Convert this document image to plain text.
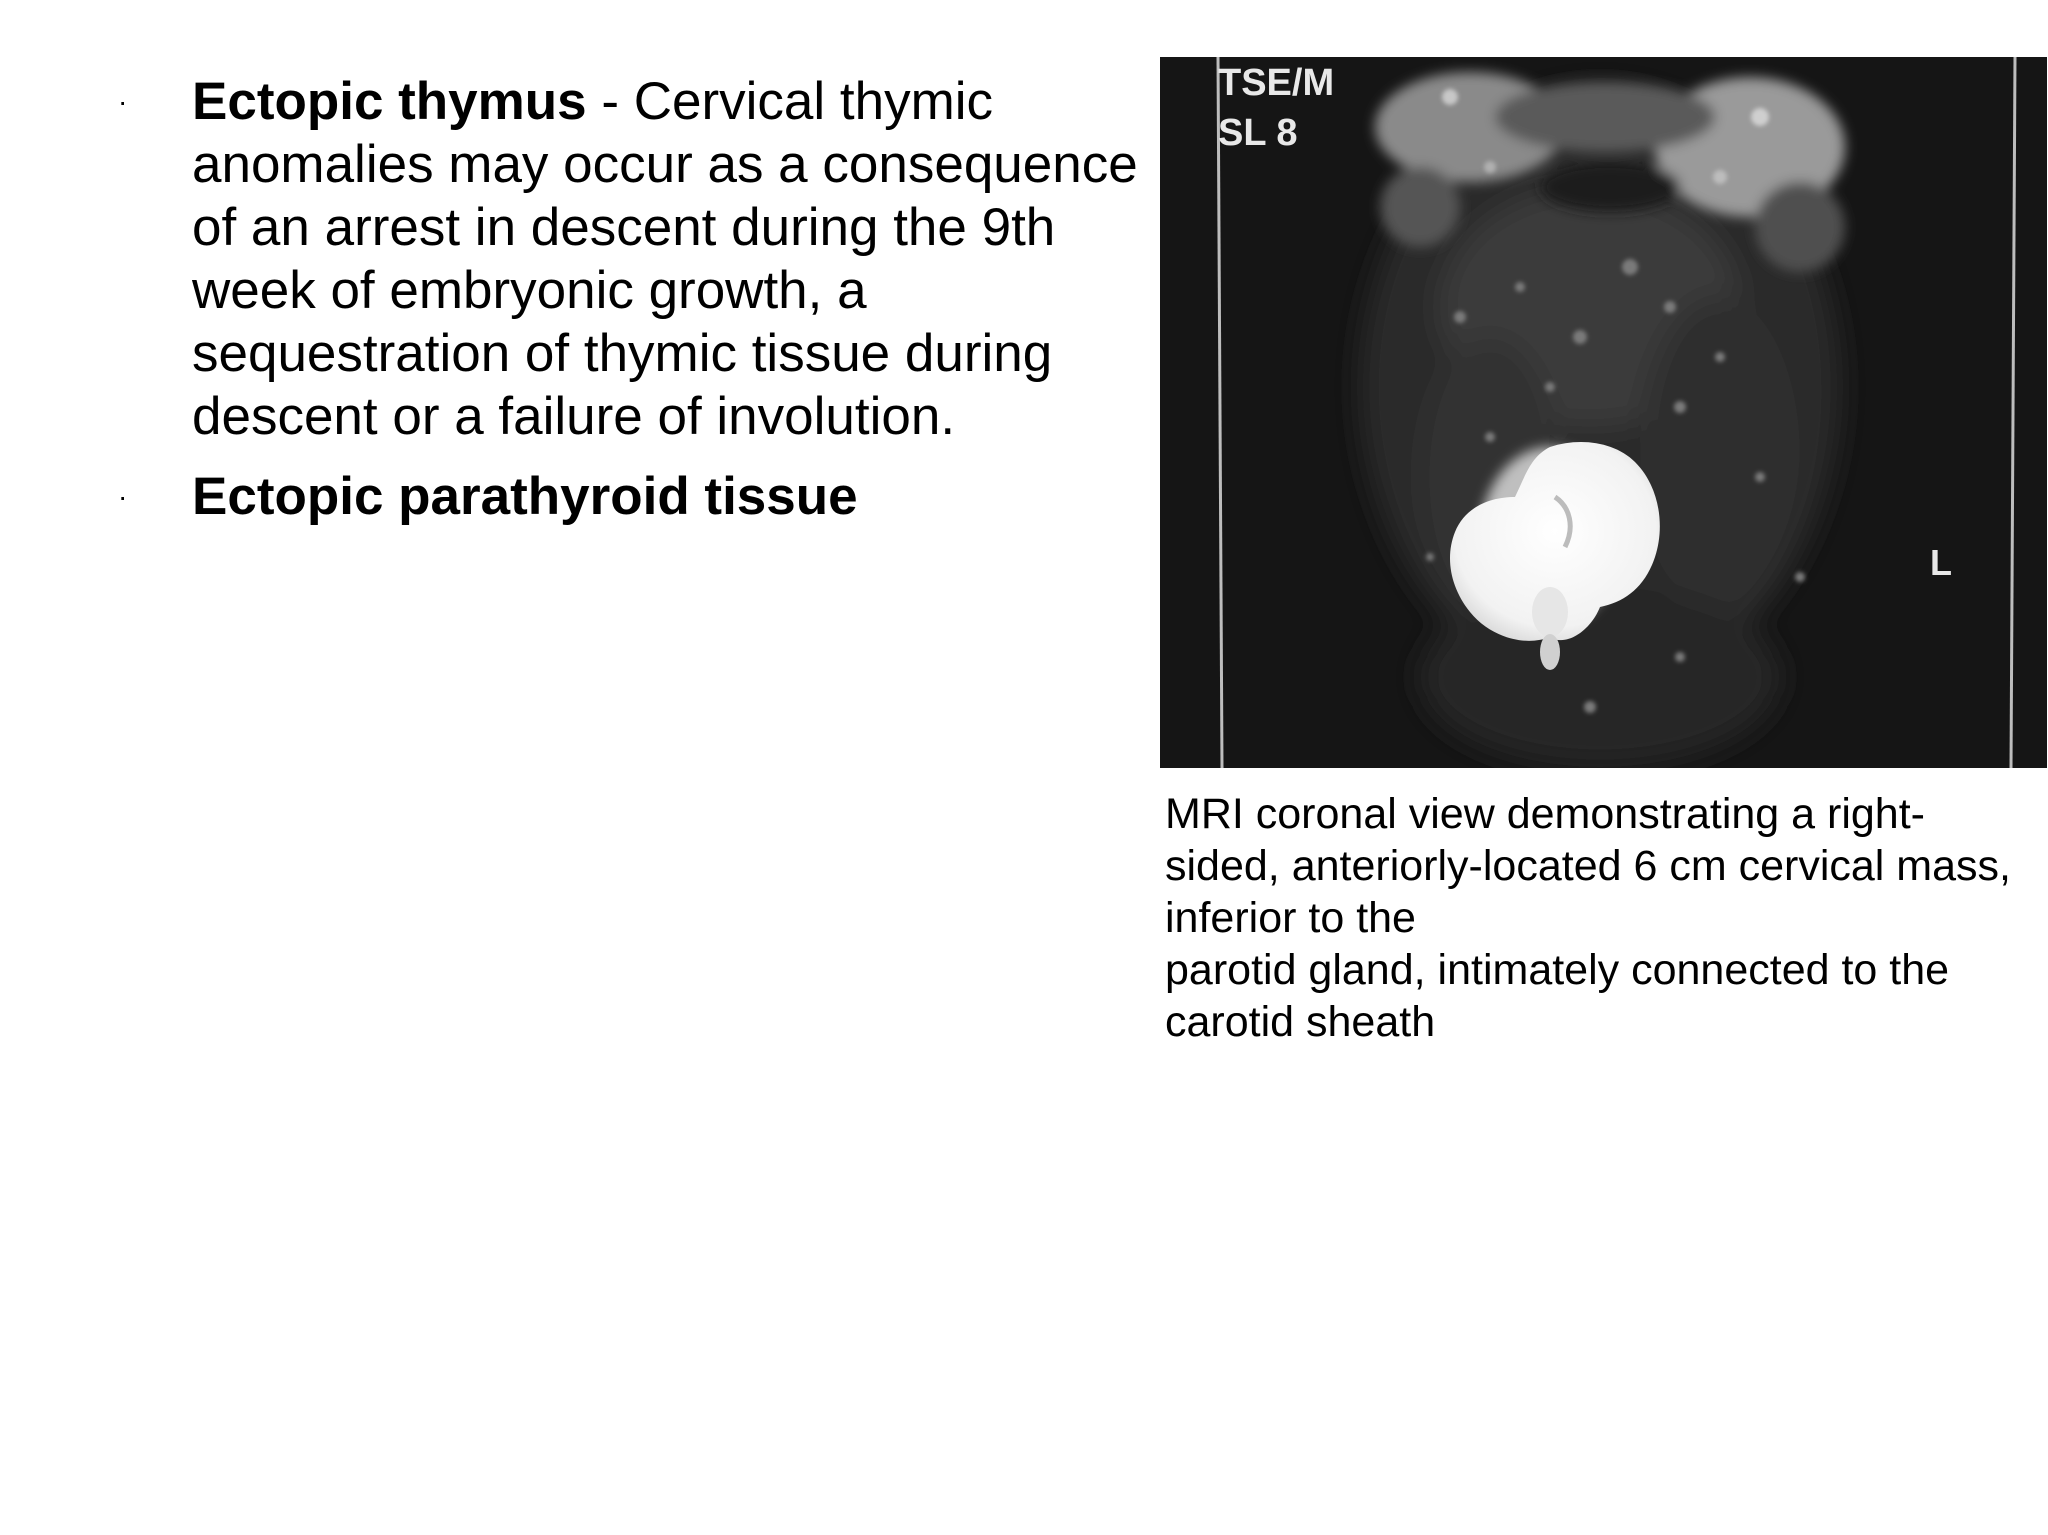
· Ectopic thymus - Cervical thymic anomalies may occur as a consequence of an arrest in descent during the 9th week of embryonic growth, a sequestration of thymic tissue during descent or a failure of involution.
· Ectopic parathyroid tissue
TSE/M
SL 8
L

MRI coronal view demonstrating a right-sided, anteriorly-located 6 cm cervical mass, inferior to the
parotid gland, intimately connected to the carotid sheath
